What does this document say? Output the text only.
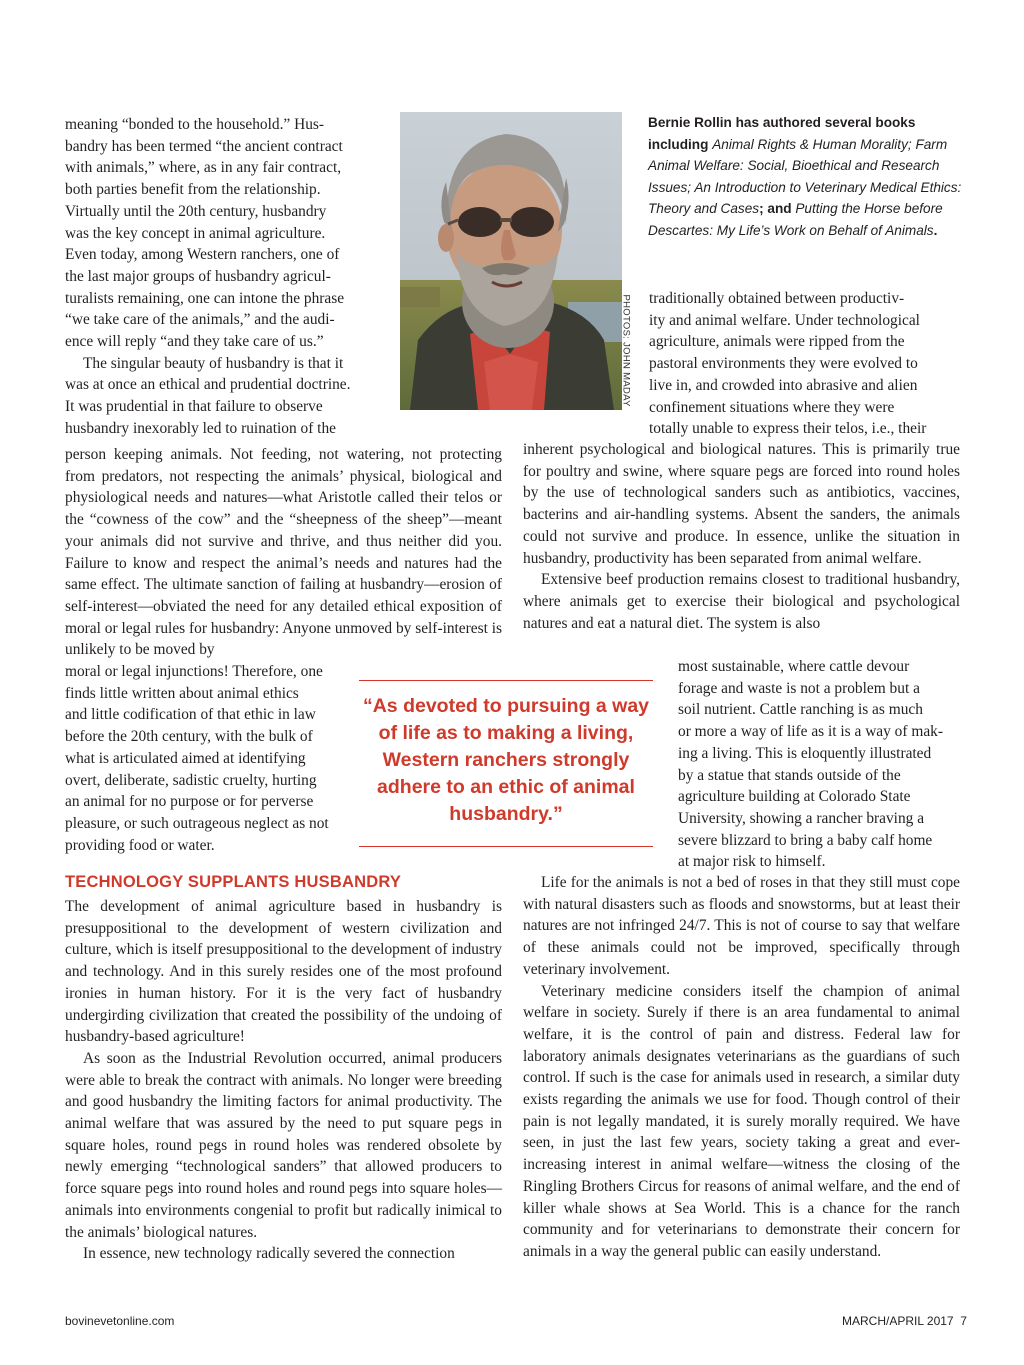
meaning “bonded to the household.” Hus-
bandry has been termed “the ancient contract
with animals,” where, as in any fair contract,
both parties benefit from the relationship.
Virtually until the 20th century, husbandry
was the key concept in animal agriculture.
Even today, among Western ranchers, one of
the last major groups of husbandry agricul-
turalists remaining, one can intone the phrase
“we take care of the animals,” and the audi-
ence will reply “and they take care of us.”
The singular beauty of husbandry is that it
was at once an ethical and prudential doctrine.
It was prudential in that failure to observe
husbandry inexorably led to ruination of the

person keeping animals. Not feeding, not watering, not protecting from predators, not respecting the animals’ physical, biological and physiological needs and natures—what Aristotle called their telos or the “cowness of the cow” and the “sheepness of the sheep”—meant your animals did not survive and thrive, and thus neither did you. Failure to know and respect the animal’s needs and natures had the same effect. The ultimate sanction of failing at husbandry—erosion of self-interest—obviated the need for any detailed ethical exposition of moral or legal rules for husbandry: Anyone unmoved by self-interest is unlikely to be moved by

moral or legal injunctions! Therefore, one
finds little written about animal ethics
and little codification of that ethic in law
before the 20th century, with the bulk of
what is articulated aimed at identifying
overt, deliberate, sadistic cruelty, hurting
an animal for no purpose or for perverse
pleasure, or such outrageous neglect as not
providing food or water.
TECHNOLOGY SUPPLANTS HUSBANDRY

The development of animal agriculture based in husbandry is presuppositional to the development of western civilization and culture, which is itself presuppositional to the development of industry and technology. And in this surely resides one of the most profound ironies in human history. For it is the very fact of husbandry undergirding civilization that created the possibility of the undoing of husbandry-based agriculture!

As soon as the Industrial Revolution occurred, animal producers were able to break the contract with animals. No longer were breeding and good husbandry the limiting factors for animal productivity. The animal welfare that was assured by the need to put square pegs in square holes, round pegs in round holes was rendered obsolete by newly emerging “technological sanders” that allowed producers to force square pegs into round holes and round pegs into square holes—animals into environments congenial to profit but radically inimical to the animals’ biological natures.

In essence, new technology radically severed the connection

PHOTOS: JOHN MADAY
Bernie Rollin has authored several books including Animal Rights & Human Morality; Farm Animal Welfare: Social, Bioethical and Research Issues; An Introduction to Veterinary Medical Ethics: Theory and Cases; and Putting the Horse before Descartes: My Life’s Work on Behalf of Animals.
traditionally obtained between productiv-
ity and animal welfare. Under technological
agriculture, animals were ripped from the
pastoral environments they were evolved to
live in, and crowded into abrasive and alien
confinement situations where they were
totally unable to express their telos, i.e., their

inherent psychological and biological natures. This is primarily true for poultry and swine, where square pegs are forced into round holes by the use of technological sanders such as antibiotics, vaccines, bacterins and air-handling systems. Absent the sanders, the animals could not survive and produce. In essence, unlike the situation in husbandry, productivity has been separated from animal welfare.

Extensive beef production remains closest to traditional husbandry, where animals get to exercise their biological and psychological natures and eat a natural diet. The system is also

most sustainable, where cattle devour
forage and waste is not a problem but a
soil nutrient. Cattle ranching is as much
or more a way of life as it is a way of mak-
ing a living. This is eloquently illustrated
by a statue that stands outside of the
agriculture building at Colorado State
University, showing a rancher braving a
severe blizzard to bring a baby calf home
at major risk to himself.

Life for the animals is not a bed of roses in that they still must cope with natural disasters such as floods and snowstorms, but at least their natures are not infringed 24/7. This is not of course to say that welfare of these animals could not be improved, specifically through veterinary involvement.

Veterinary medicine considers itself the champion of animal welfare in society. Surely if there is an area fundamental to animal welfare, it is the control of pain and distress. Federal law for laboratory animals designates veterinarians as the guardians of such control. If such is the case for animals used in research, a similar duty exists regarding the animals we use for food. Though control of their pain is not legally mandated, it is surely morally required. We have seen, in just the last few years, society taking a great and ever-increasing interest in animal welfare—witness the closing of the Ringling Brothers Circus for reasons of animal welfare, and the end of killer whale shows at Sea World. This is a chance for the ranch community and for veterinarians to demonstrate their concern for animals in a way the general public can easily understand.

“As devoted to pursuing a way of life as to making a living, Western ranchers strongly adhere to an ethic of animal husbandry.”

bovinevetonline.com	MARCH/APRIL 2017 7
